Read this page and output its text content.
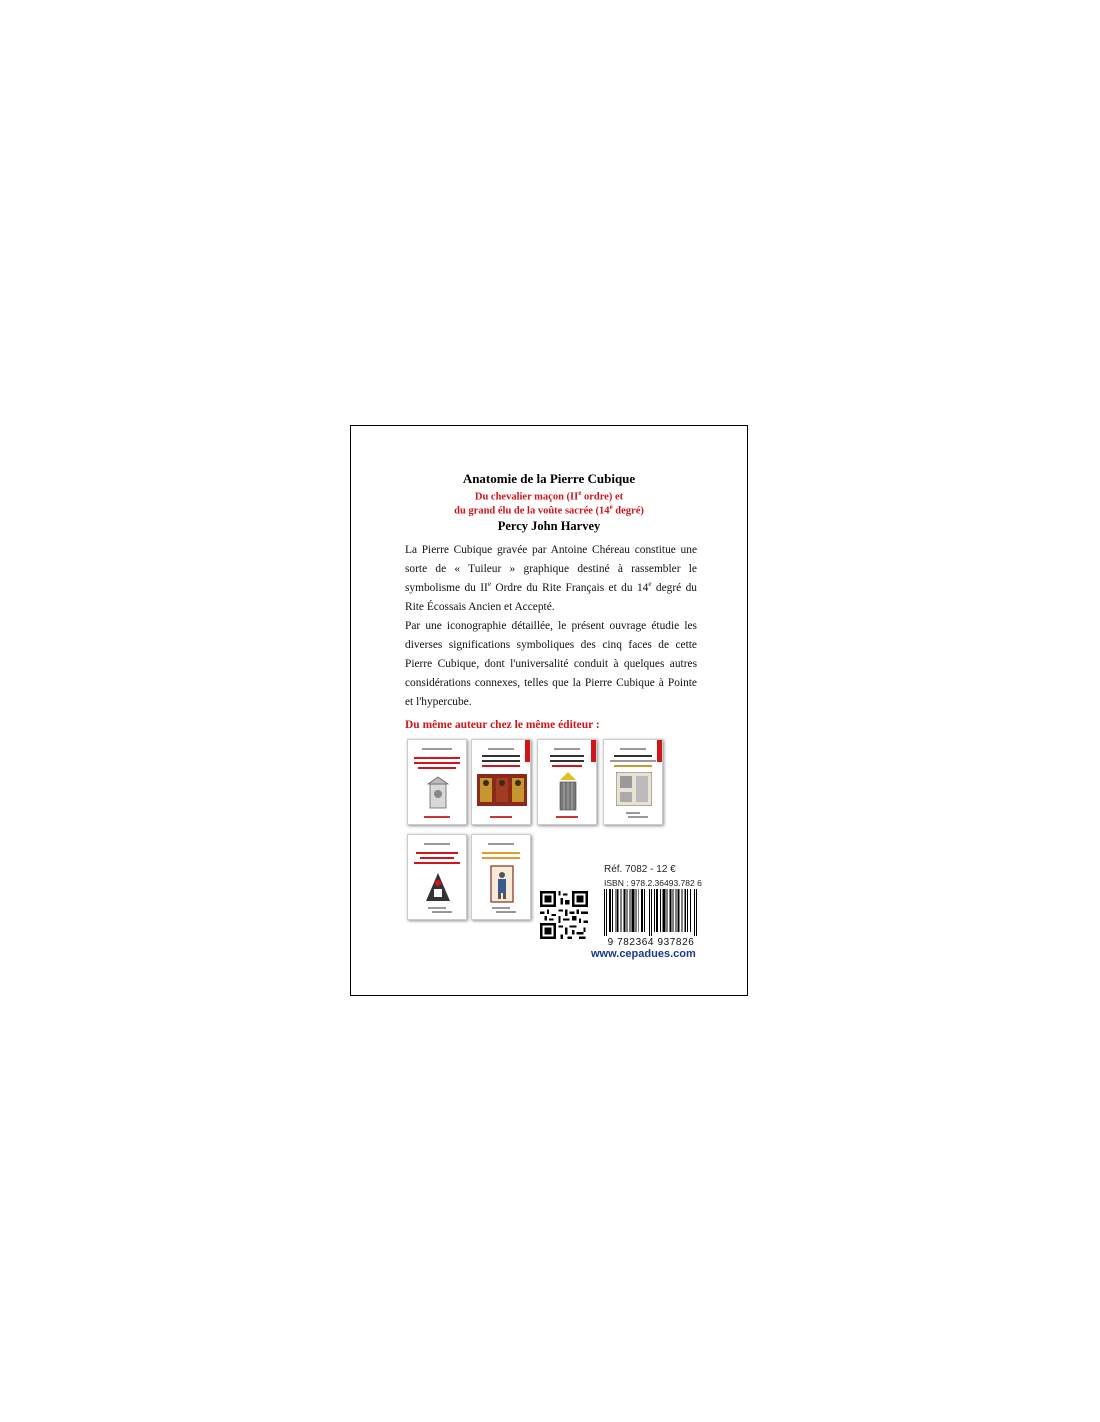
Anatomie de la Pierre Cubique
Du chevalier maçon (IIe ordre) et
du grand élu de la voûte sacrée (14e degré)
Percy John Harvey

La Pierre Cubique gravée par Antoine Chéreau constitue une sorte de « Tuileur » graphique destiné à rassembler le symbolisme du IIe Ordre du Rite Français et du 14e degré du Rite Écossais Ancien et Accepté.

Par une iconographie détaillée, le présent ouvrage étudie les diverses significations symboliques des cinq faces de cette Pierre Cubique, dont l'universalité conduit à quelques autres considérations connexes, telles que la Pierre Cubique à Pointe et l'hypercube.

Du même auteur chez le même éditeur :
Réf. 7082 - 12 €
ISBN : 978.2.36493.782 6
9 782364 937826
www.cepadues.com
